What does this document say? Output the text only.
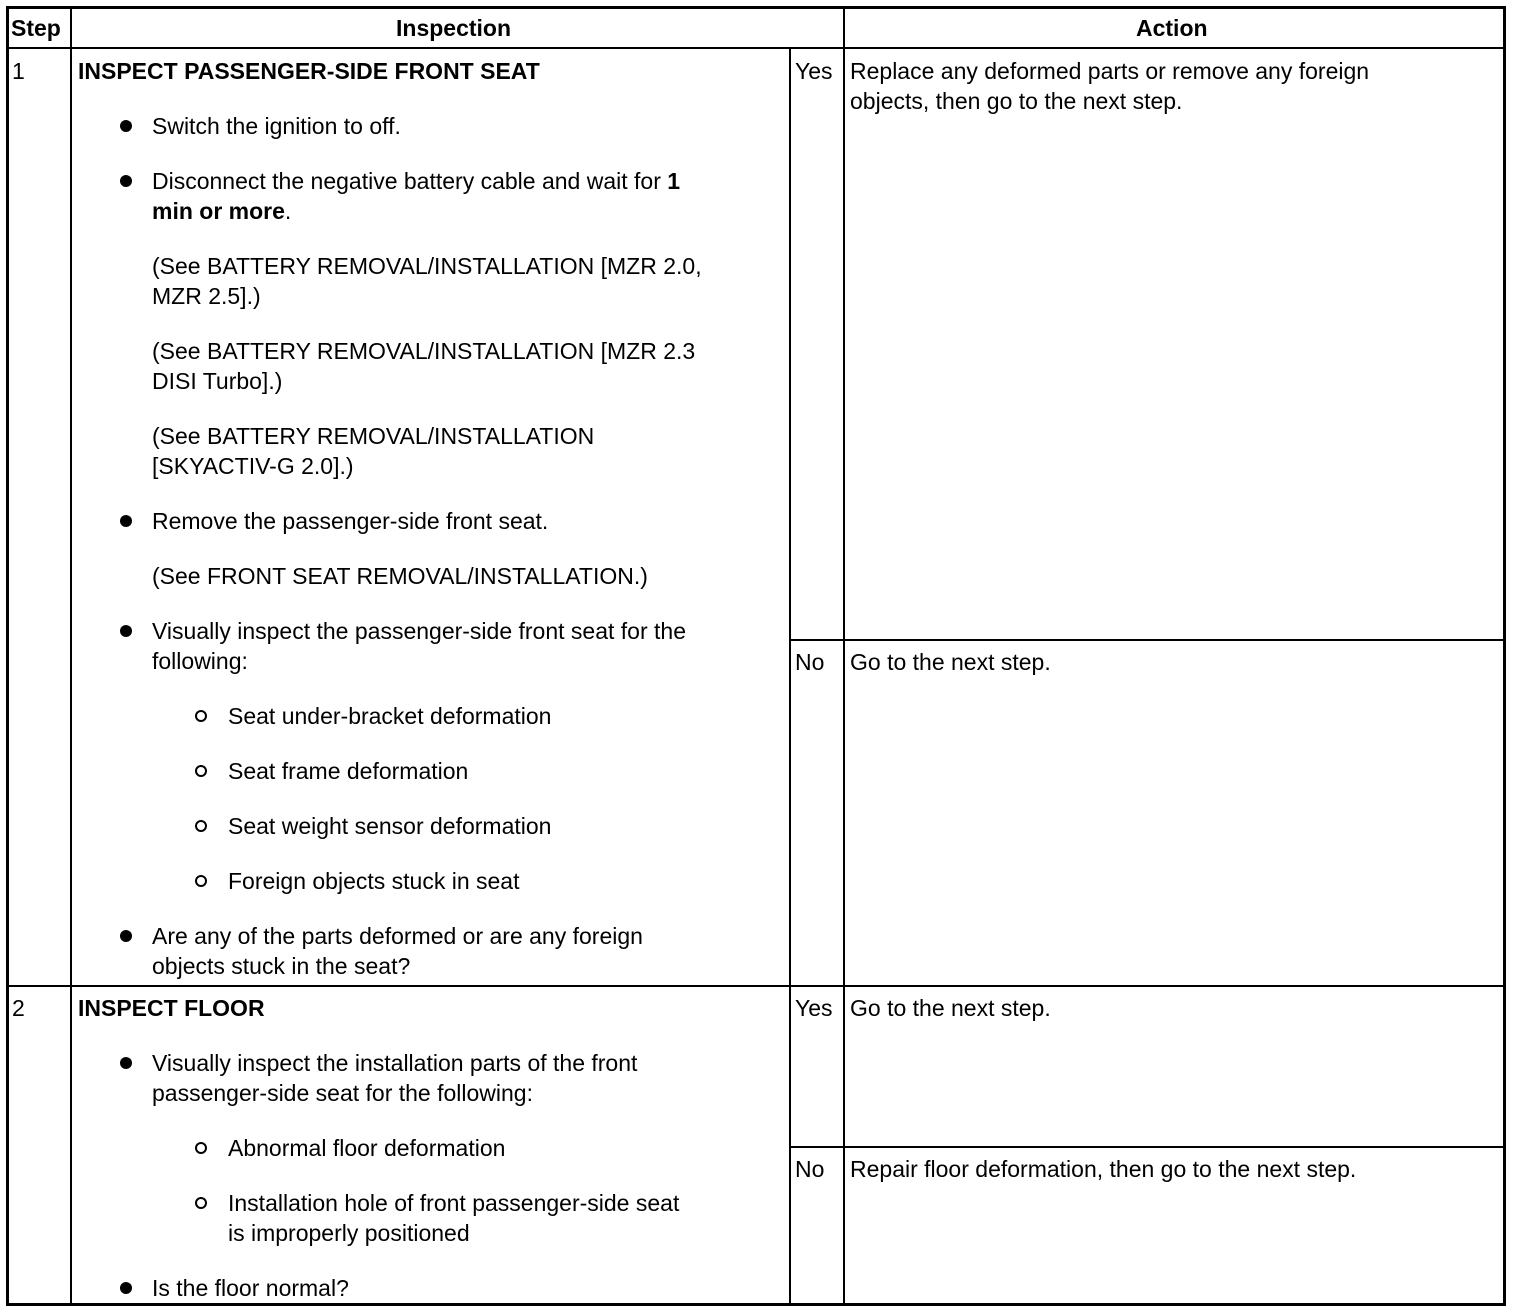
Step	Inspection	Action
1 INSPECT PASSENGER-SIDE FRONT SEAT
Switch the ignition to off.
Disconnect the negative battery cable and wait for 1
min or more.
(See BATTERY REMOVAL/INSTALLATION [MZR 2.0,
MZR 2.5].)
(See BATTERY REMOVAL/INSTALLATION [MZR 2.3
DISI Turbo].)
(See BATTERY REMOVAL/INSTALLATION
[SKYACTIV-G 2.0].)
Remove the passenger-side front seat.
(See FRONT SEAT REMOVAL/INSTALLATION.)
Visually inspect the passenger-side front seat for the
following:
Seat under-bracket deformation
Seat frame deformation
Seat weight sensor deformation
Foreign objects stuck in seat
Are any of the parts deformed or are any foreign
objects stuck in the seat?
Yes Replace any deformed parts or remove any foreign
objects, then go to the next step.
No Go to the next step.
2 INSPECT FLOOR
Visually inspect the installation parts of the front
passenger-side seat for the following:
Abnormal floor deformation
Installation hole of front passenger-side seat
is improperly positioned
Is the floor normal?
Yes Go to the next step.
No Repair floor deformation, then go to the next step.
